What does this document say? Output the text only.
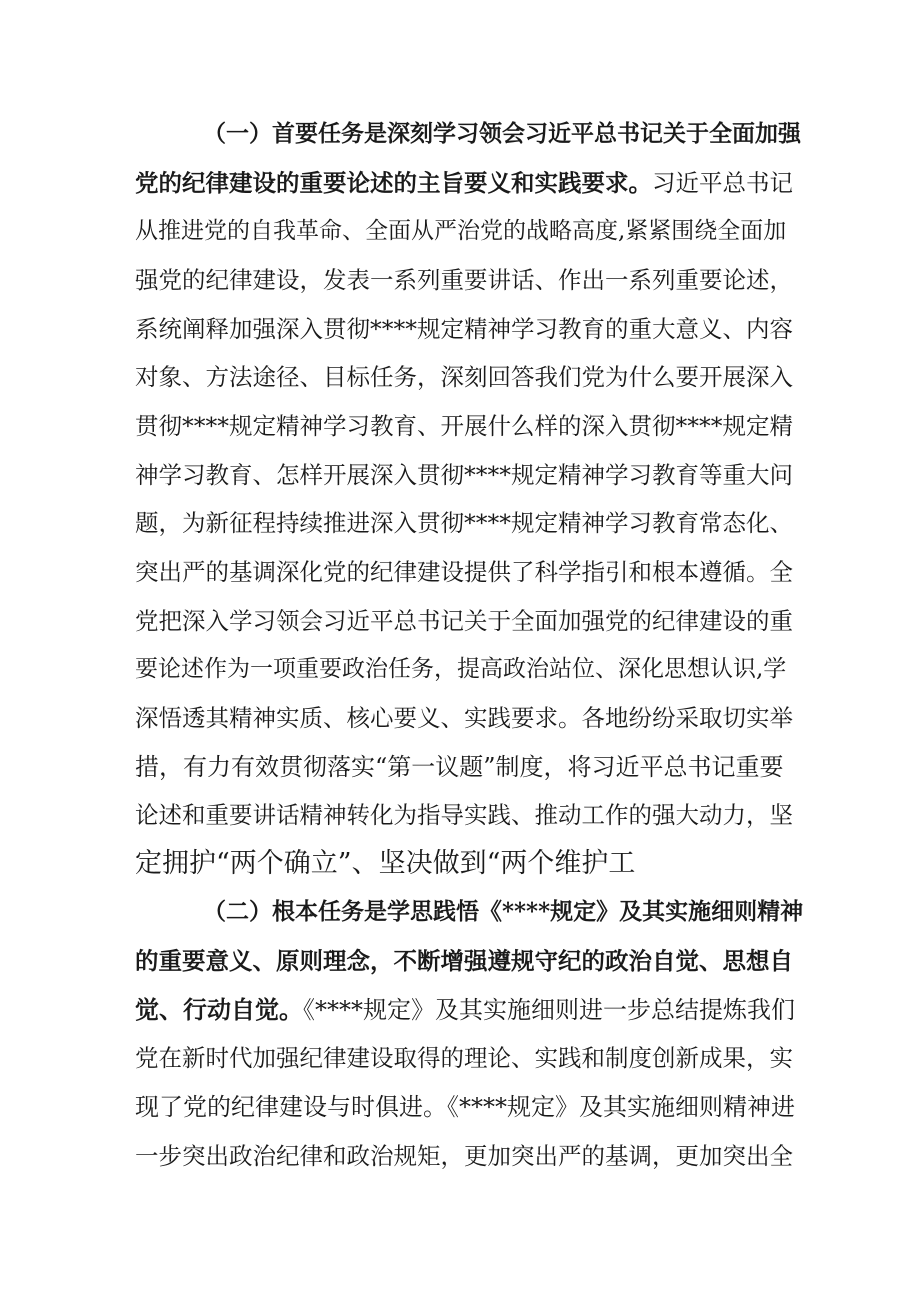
（一）首要任务是深刻学习领会习近平总书记关于全面加强
党的纪律建设的重要论述的主旨要义和实践要求。习近平总书记
从推进党的自我革命、全面从严治党的战略高度,紧紧围绕全面加
强党的纪律建设，发表一系列重要讲话、作出一系列重要论述，
系统阐释加强深入贯彻****规定精神学习教育的重大意义、内容
对象、方法途径、目标任务，深刻回答我们党为什么要开展深入
贯彻****规定精神学习教育、开展什么样的深入贯彻****规定精
神学习教育、怎样开展深入贯彻****规定精神学习教育等重大问
题，为新征程持续推进深入贯彻****规定精神学习教育常态化、
突出严的基调深化党的纪律建设提供了科学指引和根本遵循。全
党把深入学习领会习近平总书记关于全面加强党的纪律建设的重
要论述作为一项重要政治任务，提高政治站位、深化思想认识,学
深悟透其精神实质、核心要义、实践要求。各地纷纷采取切实举
措，有力有效贯彻落实“第一议题”制度，将习近平总书记重要
论述和重要讲话精神转化为指导实践、推动工作的强大动力，坚
定拥护“两个确立”、坚决做到“两个维护工
（二）根本任务是学思践悟《****规定》及其实施细则精神
的重要意义、原则理念，不断增强遵规守纪的政治自觉、思想自
觉、行动自觉。《****规定》及其实施细则进一步总结提炼我们
党在新时代加强纪律建设取得的理论、实践和制度创新成果，实
现了党的纪律建设与时俱进。《****规定》及其实施细则精神进
一步突出政治纪律和政治规矩，更加突出严的基调，更加突出全
